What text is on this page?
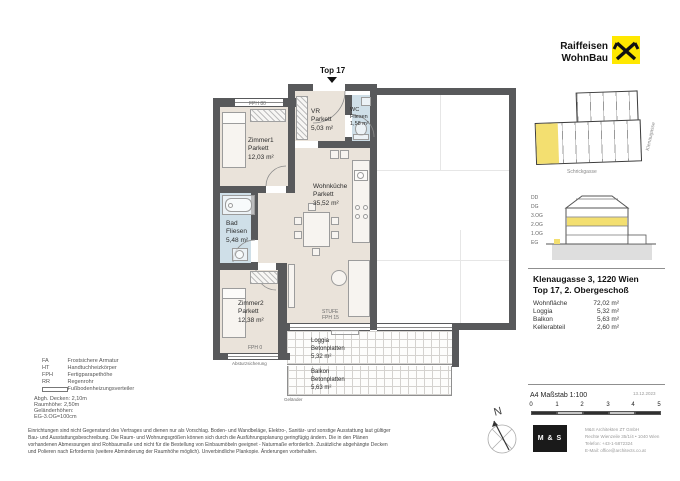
Top 17
Zimmer1
Parkett
12,03 m²
VR
Parkett
5,03 m²
WC
Fliesen
1,58 m²
Wohnküche
Parkett
35,52 m²
Bad
Fliesen
5,48 m²
Zimmer2
Parkett
12,38 m²
Loggia
Betonplatten
5,32 m²
Balkon
Betonplatten
5,63 m²
FPH 80
FPH 0
STUFE
FPH 15
Absturzsicherung
Geländer
Raiffeisen
WohnBau
Schrickgasse
Klenaugasse
DD
DG
3.OG
2.OG
1.OG
EG
Klenaugasse 3, 1220 Wien
Top 17, 2. Obergeschoß
Wohnfläche	72,02 m²
Loggia	5,32 m²
Balkon	5,63 m²
Kellerabteil	2,60 m²
A4 Maßstab 1:100	13.12.2023
0	1	2	3	4	5
M & S
M&S Architekten ZT GmbH
Rechte Wienzeile 35/1/4 • 1040 Wien
Telefon: +43-1-5872324
E-Mail: office@architects.co.at
N
FA	Frostsichere Armatur
HT	Handtuchheizkörper
FPH	Fertigparapethöhe
RR	Regenrohr
Fußbodenheizungsverteiler
Abgh. Decken: 2,10m
Raumhöhe: 2,50m
Geländerhöhen:
EG-3.OG=100cm
Einrichtungen sind nicht Gegenstand des Vertrages und dienen nur als Vorschlag. Boden- und Wandbeläge, Elektro-, Sanitär- und sonstige Ausstattung laut gültiger
Bau- und Ausstattungsbeschreibung. Die Raum- und Wohnungsgrößen können sich durch die Ausführungsplanung geringfügig ändern. Die in den Plänen
vorhandenen Abmessungen sind Rohbaumaße und nicht für die Bestellung von Einbaumöbeln geeignet - Naturmaße erforderlich. Zusätzliche abgehängte Decken
und Polieren nach Erfordernis (weitere Abminderung der Raumhöhe möglich). Unverbindliche Plankopie. Änderungen vorbehalten.
